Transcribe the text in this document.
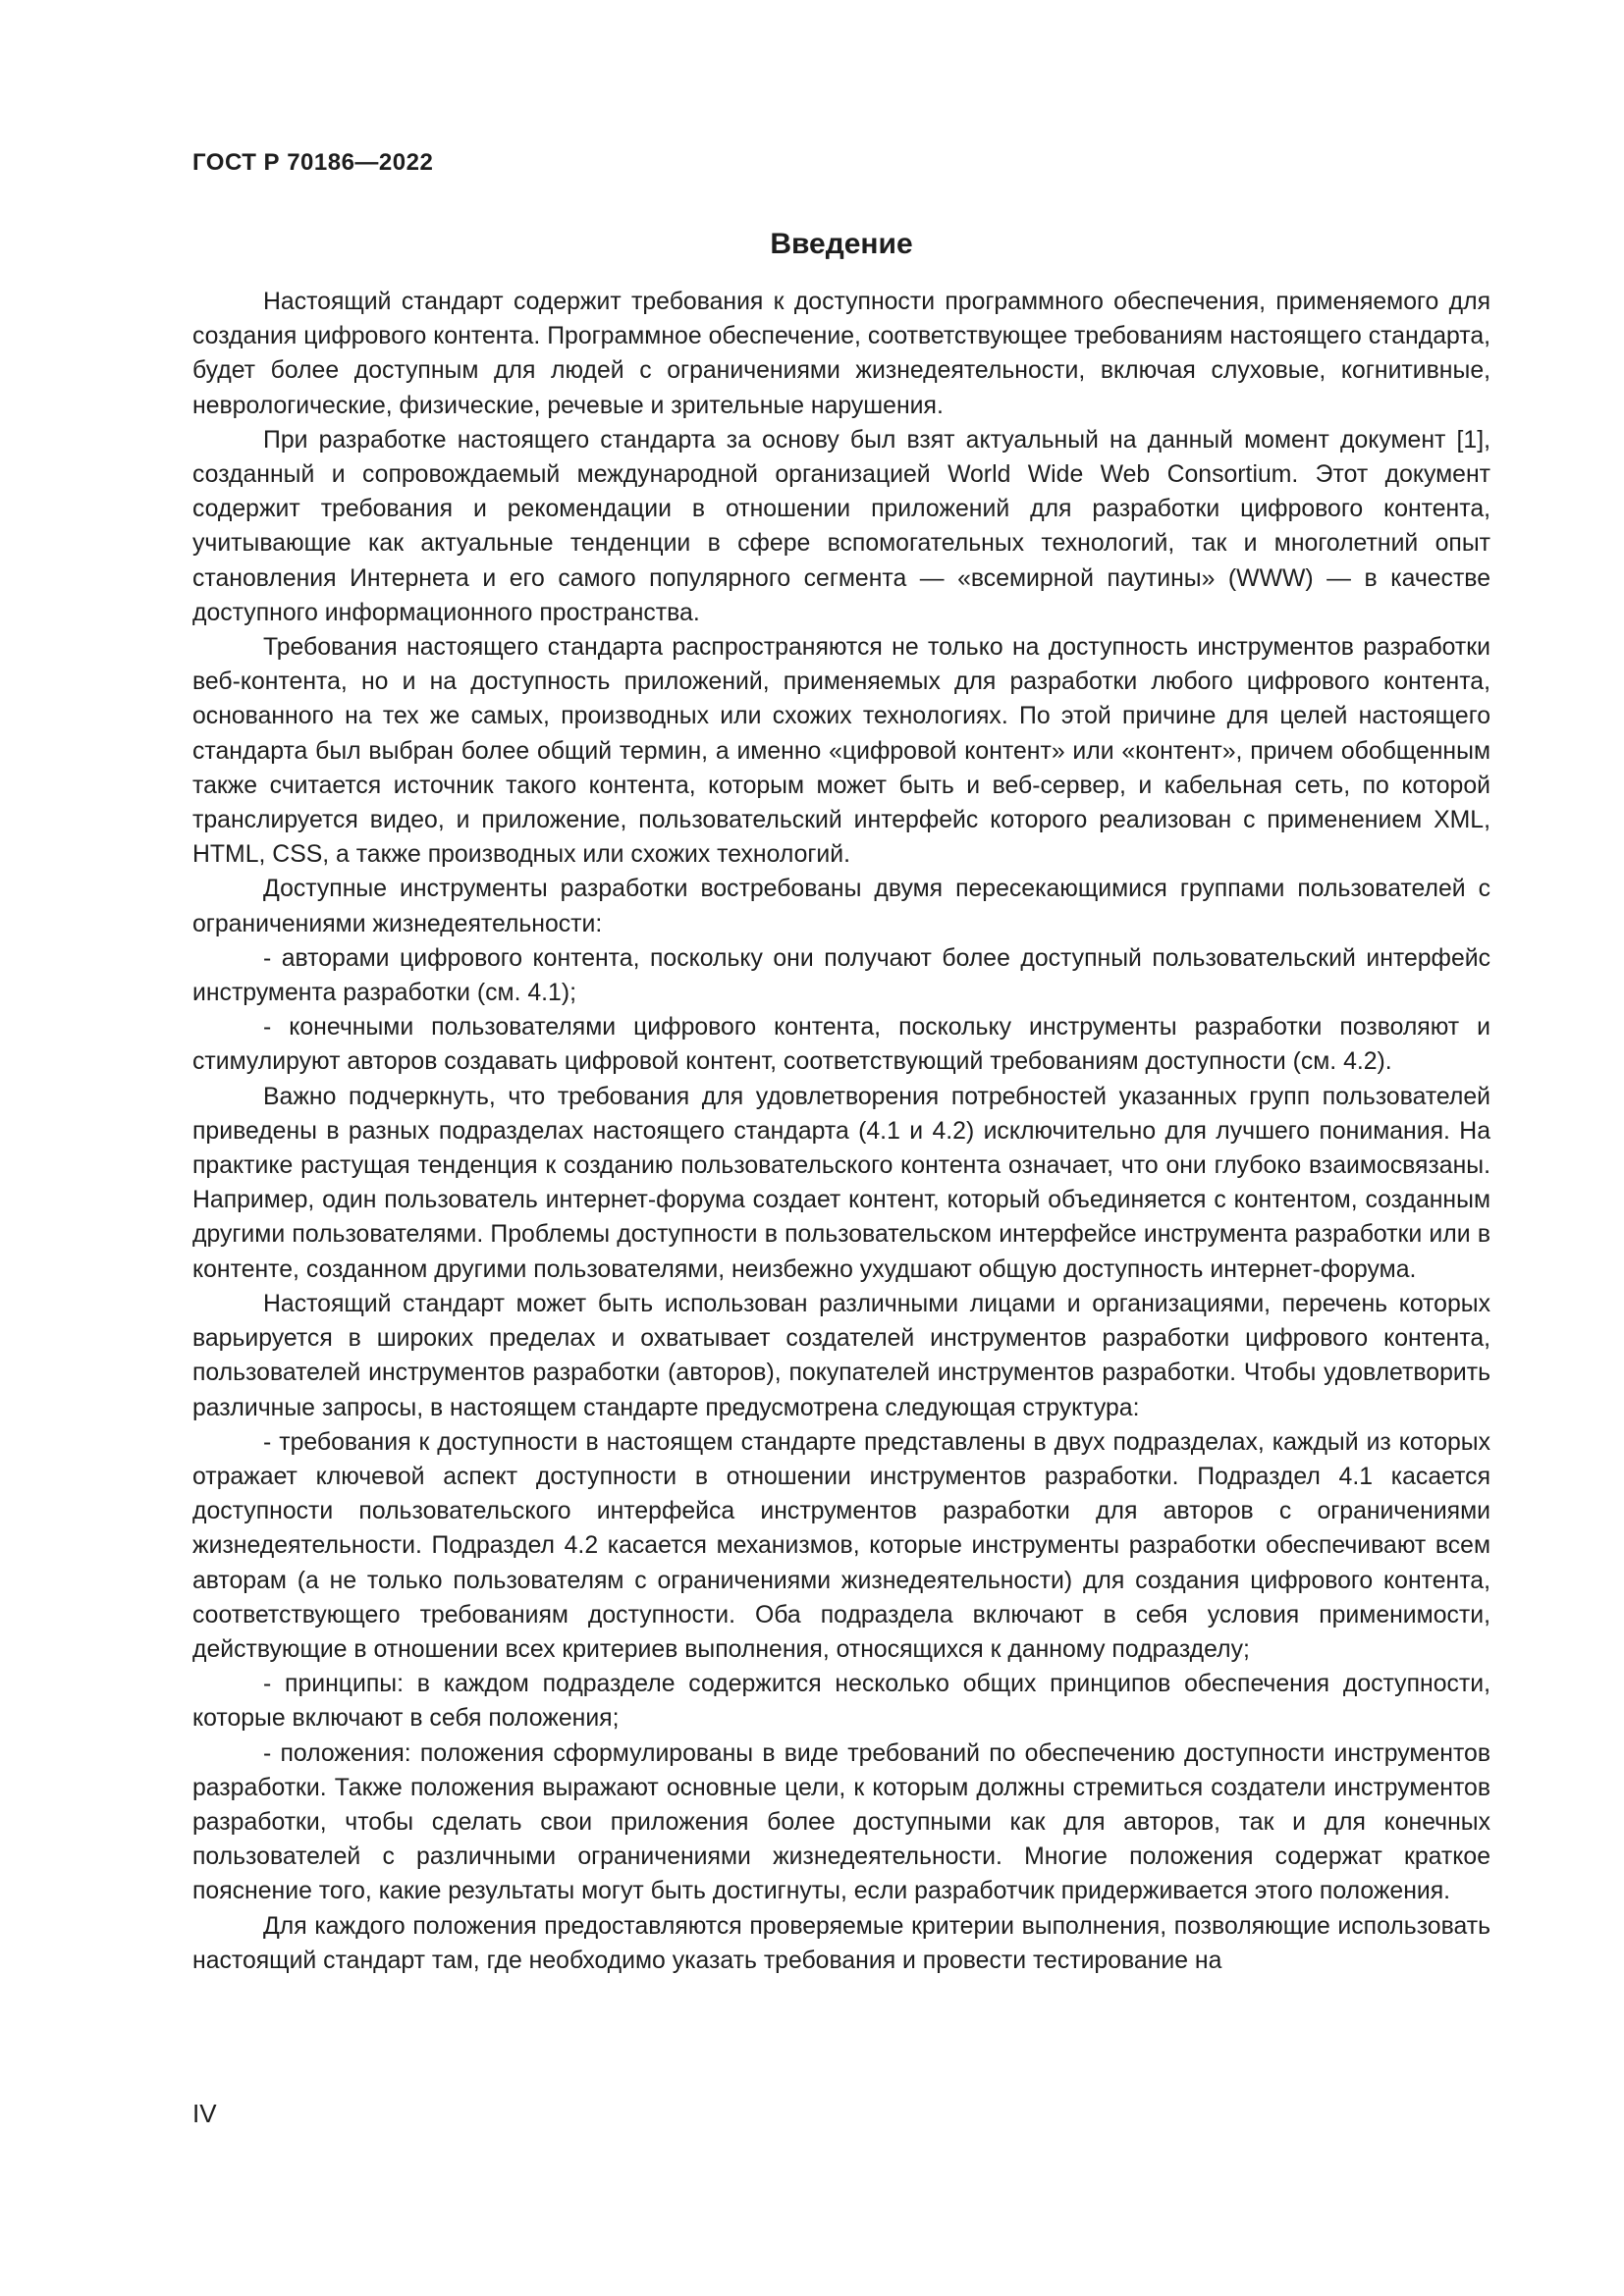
ГОСТ Р 70186—2022
Введение

Настоящий стандарт содержит требования к доступности программного обеспечения, применяемого для создания цифрового контента. Программное обеспечение, соответствующее требованиям настоящего стандарта, будет более доступным для людей с ограничениями жизнедеятельности, включая слуховые, когнитивные, неврологические, физические, речевые и зрительные нарушения.

При разработке настоящего стандарта за основу был взят актуальный на данный момент документ [1], созданный и сопровождаемый международной организацией World Wide Web Consortium. Этот документ содержит требования и рекомендации в отношении приложений для разработки цифрового контента, учитывающие как актуальные тенденции в сфере вспомогательных технологий, так и многолетний опыт становления Интернета и его самого популярного сегмента — «всемирной паутины» (WWW) — в качестве доступного информационного пространства.

Требования настоящего стандарта распространяются не только на доступность инструментов разработки веб-контента, но и на доступность приложений, применяемых для разработки любого цифрового контента, основанного на тех же самых, производных или схожих технологиях. По этой причине для целей настоящего стандарта был выбран более общий термин, а именно «цифровой контент» или «контент», причем обобщенным также считается источник такого контента, которым может быть и веб-сервер, и кабельная сеть, по которой транслируется видео, и приложение, пользовательский интерфейс которого реализован с применением XML, HTML, CSS, а также производных или схожих технологий.

Доступные инструменты разработки востребованы двумя пересекающимися группами пользователей с ограничениями жизнедеятельности:

- авторами цифрового контента, поскольку они получают более доступный пользовательский интерфейс инструмента разработки (см. 4.1);

- конечными пользователями цифрового контента, поскольку инструменты разработки позволяют и стимулируют авторов создавать цифровой контент, соответствующий требованиям доступности (см. 4.2).

Важно подчеркнуть, что требования для удовлетворения потребностей указанных групп пользователей приведены в разных подразделах настоящего стандарта (4.1 и 4.2) исключительно для лучшего понимания. На практике растущая тенденция к созданию пользовательского контента означает, что они глубоко взаимосвязаны. Например, один пользователь интернет-форума создает контент, который объединяется с контентом, созданным другими пользователями. Проблемы доступности в пользовательском интерфейсе инструмента разработки или в контенте, созданном другими пользователями, неизбежно ухудшают общую доступность интернет-форума.

Настоящий стандарт может быть использован различными лицами и организациями, перечень которых варьируется в широких пределах и охватывает создателей инструментов разработки цифрового контента, пользователей инструментов разработки (авторов), покупателей инструментов разработки. Чтобы удовлетворить различные запросы, в настоящем стандарте предусмотрена следующая структура:

- требования к доступности в настоящем стандарте представлены в двух подразделах, каждый из которых отражает ключевой аспект доступности в отношении инструментов разработки. Подраздел 4.1 касается доступности пользовательского интерфейса инструментов разработки для авторов с ограничениями жизнедеятельности. Подраздел 4.2 касается механизмов, которые инструменты разработки обеспечивают всем авторам (а не только пользователям с ограничениями жизнедеятельности) для создания цифрового контента, соответствующего требованиям доступности. Оба подраздела включают в себя условия применимости, действующие в отношении всех критериев выполнения, относящихся к данному подразделу;

- принципы: в каждом подразделе содержится несколько общих принципов обеспечения доступности, которые включают в себя положения;

- положения: положения сформулированы в виде требований по обеспечению доступности инструментов разработки. Также положения выражают основные цели, к которым должны стремиться создатели инструментов разработки, чтобы сделать свои приложения более доступными как для авторов, так и для конечных пользователей с различными ограничениями жизнедеятельности. Многие положения содержат краткое пояснение того, какие результаты могут быть достигнуты, если разработчик придерживается этого положения.

Для каждого положения предоставляются проверяемые критерии выполнения, позволяющие использовать настоящий стандарт там, где необходимо указать требования и провести тестирование на

IV
